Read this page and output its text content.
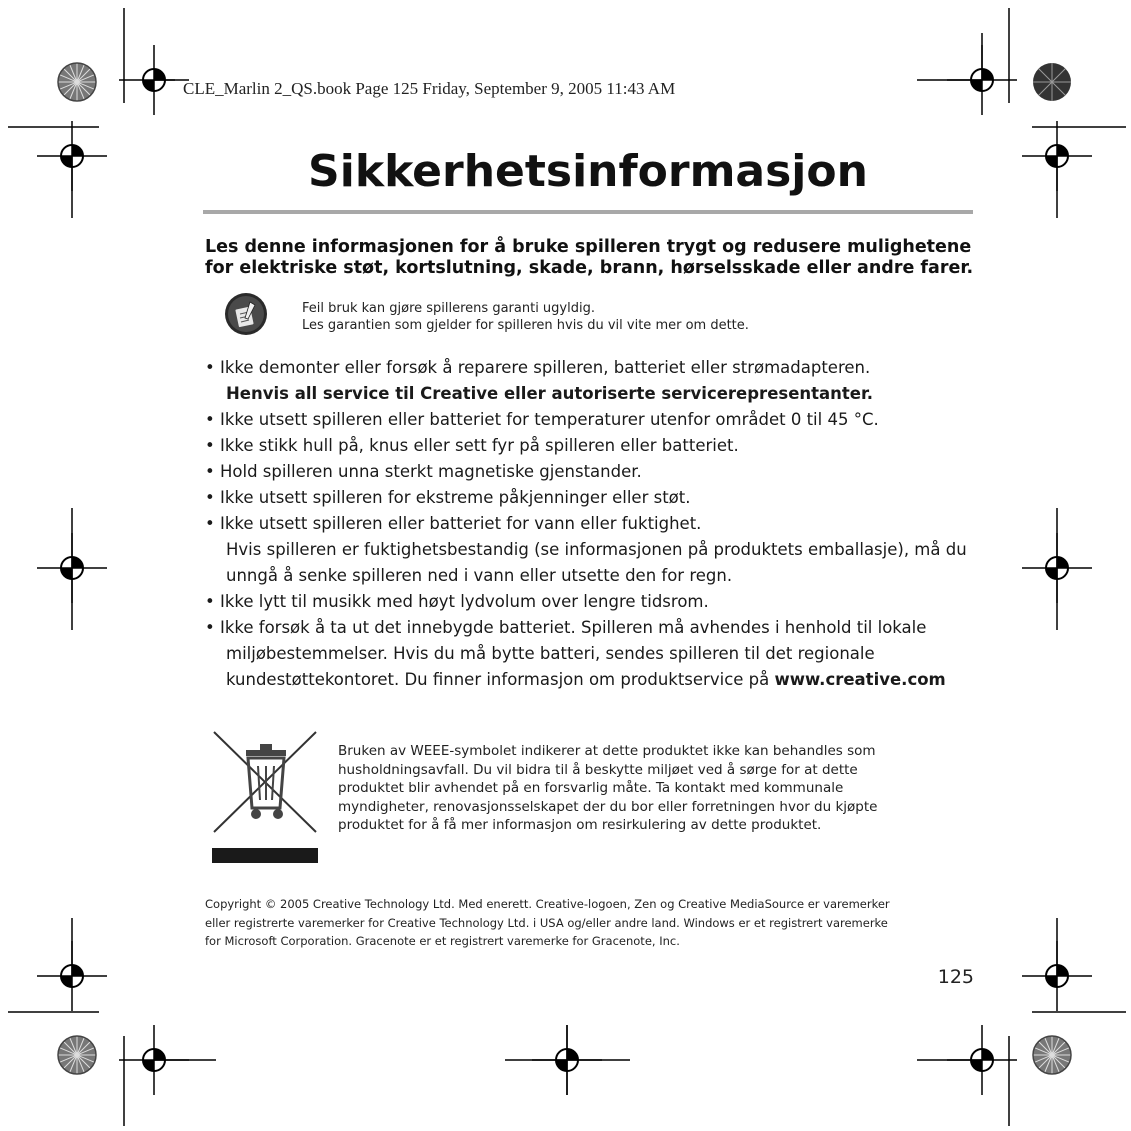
CLE_Marlin 2_QS.book Page 125 Friday, September 9, 2005 11:43 AM
Sikkerhetsinformasjon
Les denne informasjonen for å bruke spilleren trygt og redusere mulighetene
for elektriske støt, kortslutning, skade, brann, hørselsskade eller andre farer.
Feil bruk kan gjøre spillerens garanti ugyldig.
Les garantien som gjelder for spilleren hvis du vil vite mer om dette.
• Ikke demonter eller forsøk å reparere spilleren, batteriet eller strømadapteren.
Henvis all service til Creative eller autoriserte servicerepresentanter.
• Ikke utsett spilleren eller batteriet for temperaturer utenfor området 0 til 45 °C.
• Ikke stikk hull på, knus eller sett fyr på spilleren eller batteriet.
• Hold spilleren unna sterkt magnetiske gjenstander.
• Ikke utsett spilleren for ekstreme påkjenninger eller støt.
• Ikke utsett spilleren eller batteriet for vann eller fuktighet.
Hvis spilleren er fuktighetsbestandig (se informasjonen på produktets emballasje), må du
unngå å senke spilleren ned i vann eller utsette den for regn.
• Ikke lytt til musikk med høyt lydvolum over lengre tidsrom.
• Ikke forsøk å ta ut det innebygde batteriet. Spilleren må avhendes i henhold til lokale
miljøbestemmelser. Hvis du må bytte batteri, sendes spilleren til det regionale
kundestøttekontoret. Du finner informasjon om produktservice på www.creative.com
Bruken av WEEE-symbolet indikerer at dette produktet ikke kan behandles som
husholdningsavfall. Du vil bidra til å beskytte miljøet ved å sørge for at dette
produktet blir avhendet på en forsvarlig måte. Ta kontakt med kommunale
myndigheter, renovasjonsselskapet der du bor eller forretningen hvor du kjøpte
produktet for å få mer informasjon om resirkulering av dette produktet.
Copyright © 2005 Creative Technology Ltd. Med enerett. Creative-logoen, Zen og Creative MediaSource er varemerker
eller registrerte varemerker for Creative Technology Ltd. i USA og/eller andre land. Windows er et registrert varemerke
for Microsoft Corporation. Gracenote er et registrert varemerke for Gracenote, Inc.
125
